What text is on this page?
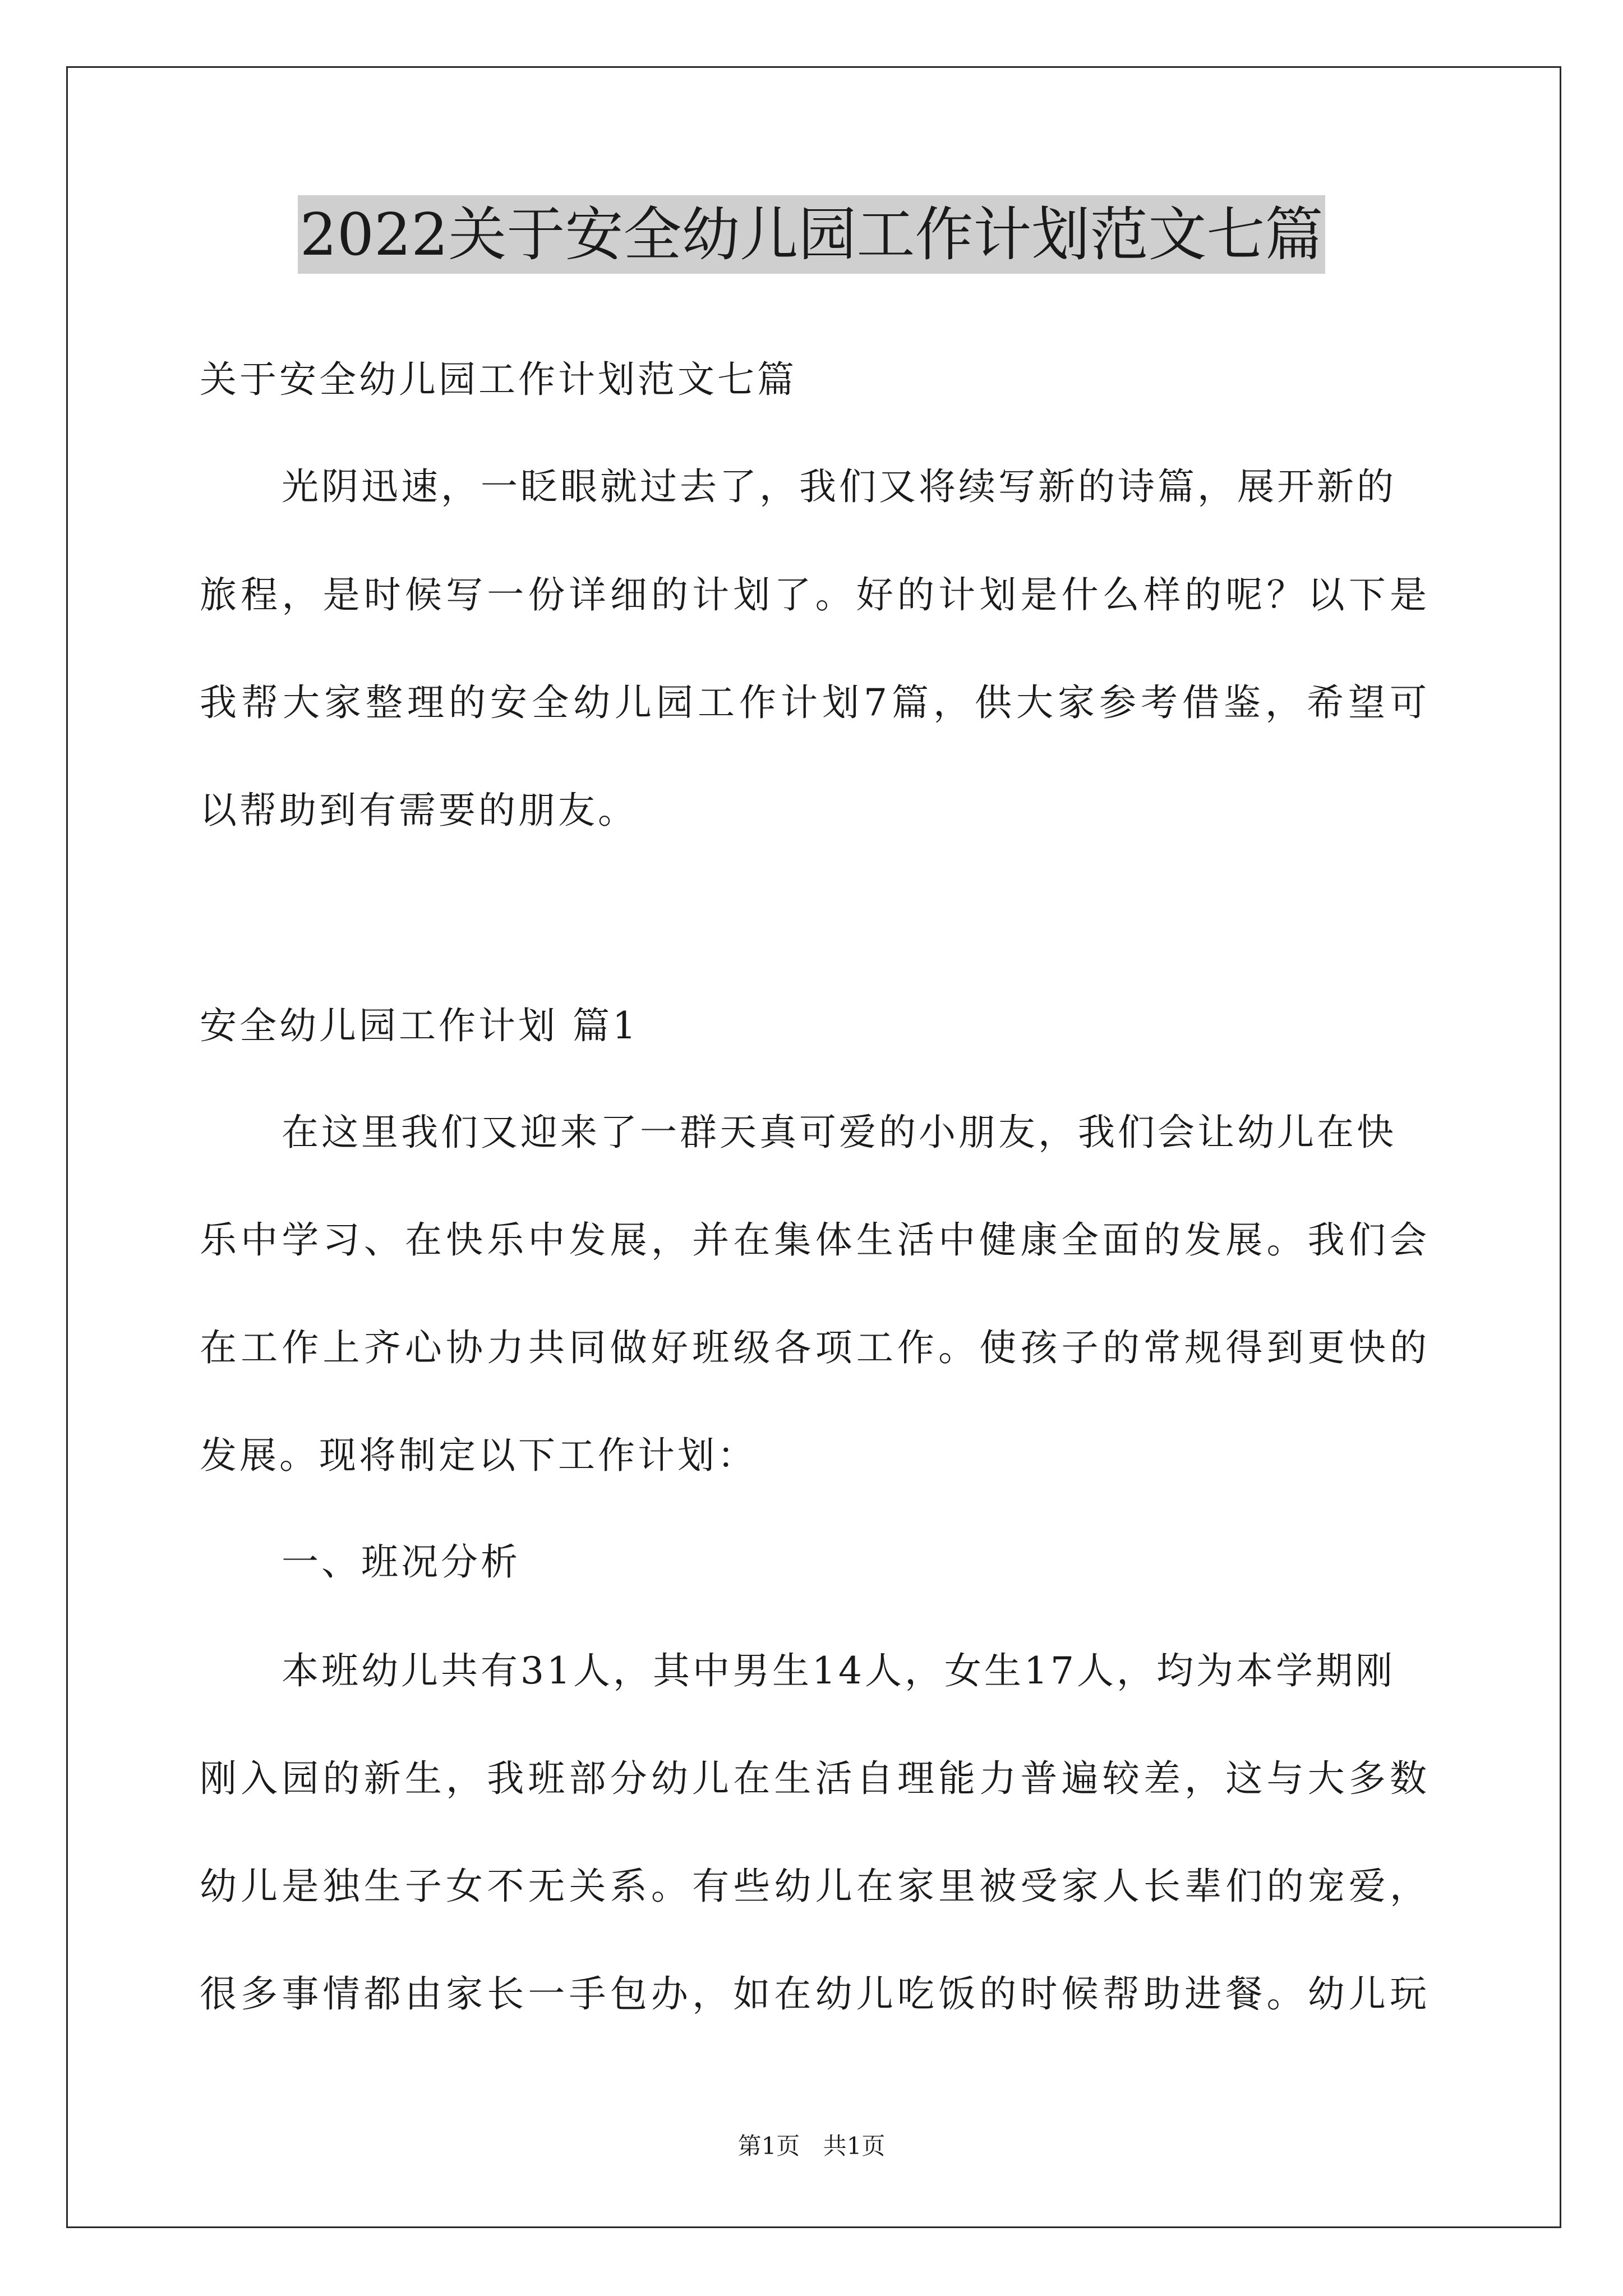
2022关于安全幼儿园工作计划范文七篇
关于安全幼儿园工作计划范文七篇
光阴迅速，一眨眼就过去了，我们又将续写新的诗篇，展开新的
旅程，是时候写一份详细的计划了。好的计划是什么样的呢？以下是
我帮大家整理的安全幼儿园工作计划7篇，供大家参考借鉴，希望可
以帮助到有需要的朋友。
安全幼儿园工作计划 篇1
在这里我们又迎来了一群天真可爱的小朋友，我们会让幼儿在快
乐中学习、在快乐中发展，并在集体生活中健康全面的发展。我们会
在工作上齐心协力共同做好班级各项工作。使孩子的常规得到更快的
发展。现将制定以下工作计划：
一、班况分析
本班幼儿共有31人，其中男生14人，女生17人，均为本学期刚
刚入园的新生，我班部分幼儿在生活自理能力普遍较差，这与大多数
幼儿是独生子女不无关系。有些幼儿在家里被受家人长辈们的宠爱，
很多事情都由家长一手包办，如在幼儿吃饭的时候帮助进餐。幼儿玩
第1页 共1页
